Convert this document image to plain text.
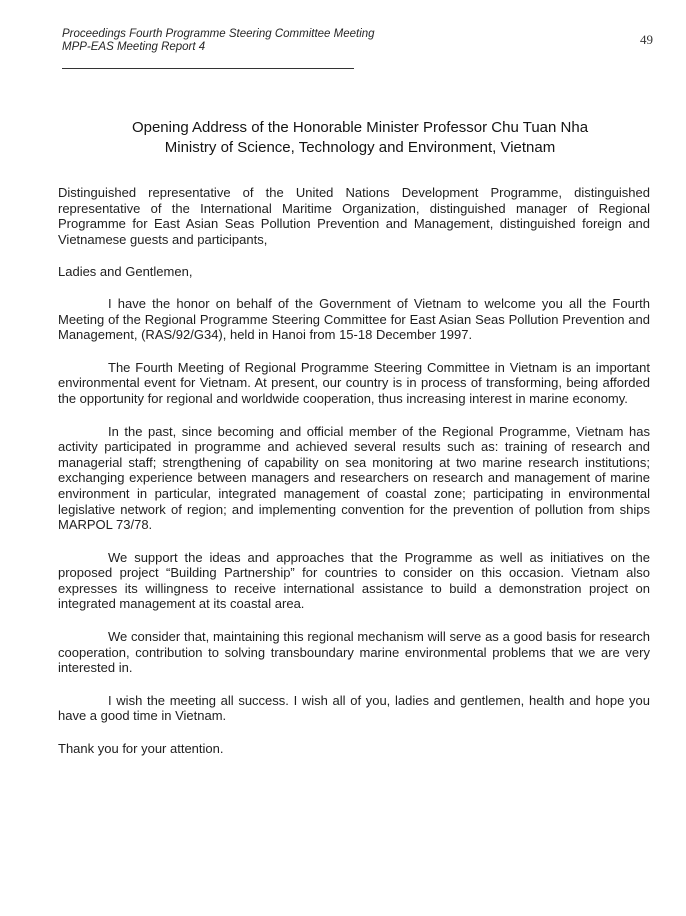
Proceedings Fourth Programme Steering Committee Meeting
MPP-EAS Meeting Report 4	49
Opening Address of the Honorable Minister Professor Chu Tuan Nha
Ministry of Science, Technology and Environment, Vietnam

Distinguished representative of the United Nations Development Programme, distinguished representative of the International Maritime Organization, distinguished manager of Regional Programme for East Asian Seas Pollution Prevention and Management, distinguished foreign and Vietnamese guests and participants,

Ladies and Gentlemen,

I have the honor on behalf of the Government of Vietnam to welcome you all the Fourth Meeting of the Regional Programme Steering Committee for East Asian Seas Pollution Prevention and Management, (RAS/92/G34), held in Hanoi from 15-18 December 1997.

The Fourth Meeting of Regional Programme Steering Committee in Vietnam is an important environmental event for Vietnam. At present, our country is in process of transforming, being afforded the opportunity for regional and worldwide cooperation, thus increasing interest in marine economy.

In the past, since becoming and official member of the Regional Programme, Vietnam has activity participated in programme and achieved several results such as: training of research and managerial staff; strengthening of capability on sea monitoring at two marine research institutions; exchanging experience between managers and researchers on research and management of marine environment in particular, integrated management of coastal zone; participating in environmental legislative network of region; and implementing convention for the prevention of pollution from ships MARPOL 73/78.

We support the ideas and approaches that the Programme as well as initiatives on the proposed project “Building Partnership” for countries to consider on this occasion. Vietnam also expresses its willingness to receive international assistance to build a demonstration project on integrated management at its coastal area.

We consider that, maintaining this regional mechanism will serve as a good basis for research cooperation, contribution to solving transboundary marine environmental problems that we are very interested in.

I wish the meeting all success. I wish all of you, ladies and gentlemen, health and hope you have a good time in Vietnam.

Thank you for your attention.
